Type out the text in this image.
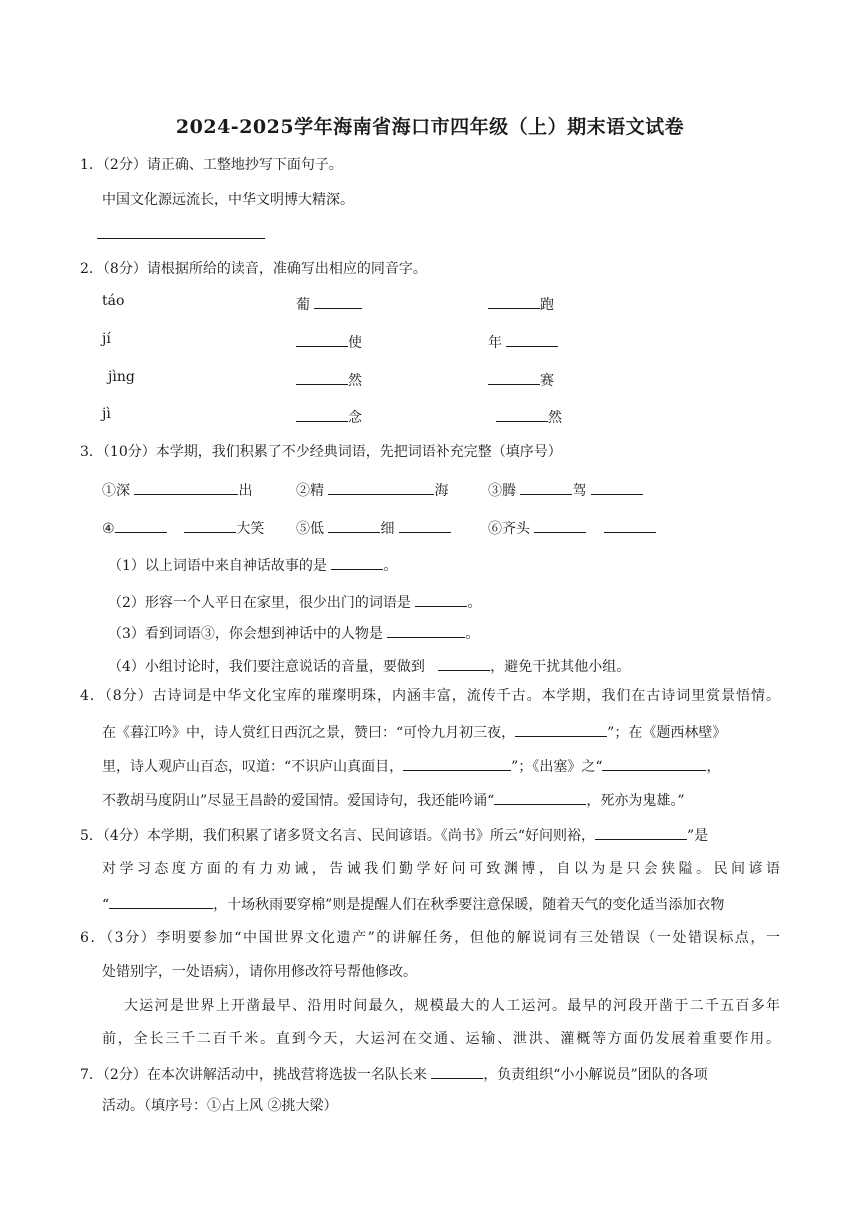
2024-2025学年海南省海口市四年级（上）期末语文试卷
1．（2分）请正确、工整地抄写下面句子。
中国文化源远流长，中华文明博大精深。
2．（8分）请根据所给的读音，准确写出相应的同音字。
táo	葡	跑
jí	使	年
jìng	然	赛
jì	念	然
3．（10分）本学期，我们积累了不少经典词语，先把词语补充完整（填序号）
①深	出	②精	海	③腾	驾
④	大笑 ⑤低	细	⑥齐头
（1）以上词语中来自神话故事的是	。
（2）形容一个人平日在家里，很少出门的词语是	。
（3）看到词语③，你会想到神话中的人物是	。
（4）小组讨论时，我们要注意说话的音量，要做到	，避免干扰其他小组。
4．（8分）古诗词是中华文化宝库的璀璨明珠，内涵丰富，流传千古。本学期，我们在古诗词里赏景悟情。
在《暮江吟》中，诗人赏红日西沉之景，赞曰：“可怜九月初三夜，	”；在《题西林壁》
里，诗人观庐山百态，叹道：“不识庐山真面目，	”；《出塞》之“	，
不教胡马度阴山”尽显王昌龄的爱国情。爱国诗句，我还能吟诵“	，死亦为鬼雄。”
5．（4分）本学期，我们积累了诸多贤文名言、民间谚语。《尚书》所云“好问则裕，	”是
对学习态度方面的有力劝诫，告诫我们勤学好问可致渊博，自以为是只会狭隘。民间谚语
“	，十场秋雨要穿棉”则是提醒人们在秋季要注意保暖，随着天气的变化适当添加衣物
6．（3分）李明要参加“中国世界文化遗产”的讲解任务，但他的解说词有三处错误（一处错误标点，一
处错别字，一处语病），请你用修改符号帮他修改。
大运河是世界上开凿最早、沿用时间最久，规模最大的人工运河。最早的河段开凿于二千五百多年
前，全长三千二百千米。直到今天，大运河在交通、运输、泄洪、灌概等方面仍发展着重要作用。
7．（2分）在本次讲解活动中，挑战营将选拔一名队长来	，负责组织“小小解说员”团队的各项
活动。（填序号：①占上风 ②挑大梁）
